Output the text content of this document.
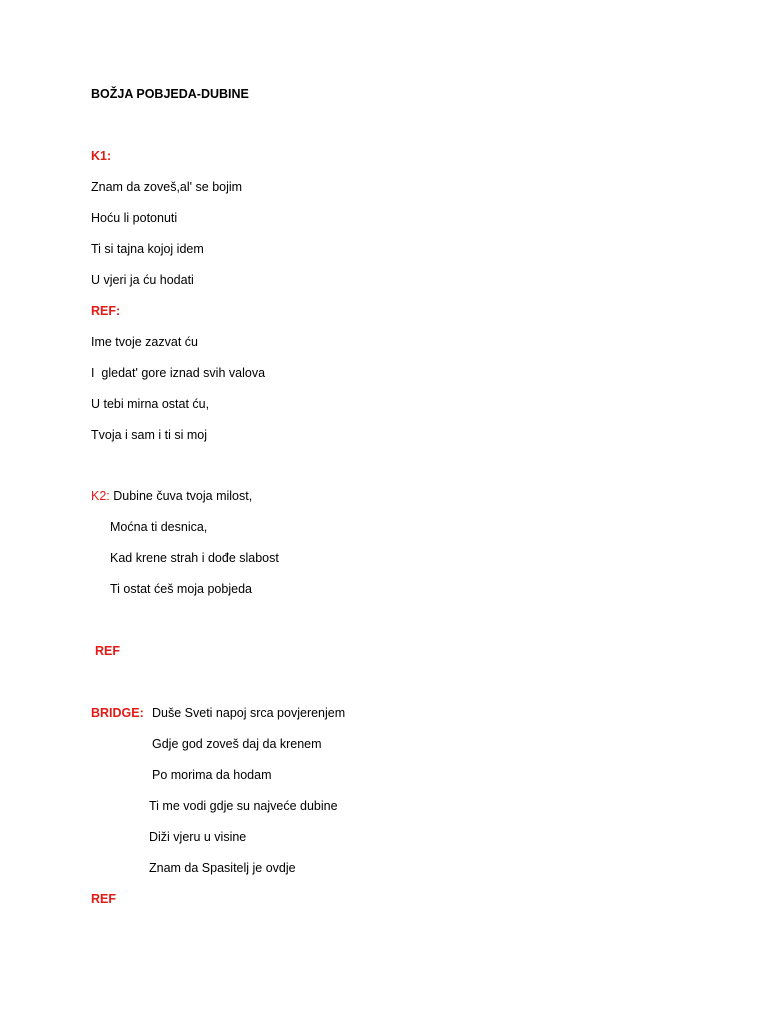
BOŽJA POBJEDA-DUBINE
K1:
Znam da zoveš,al' se bojim
Hoću li potonuti
Ti si tajna kojoj idem
U vjeri ja ću hodati
REF:
Ime tvoje zazvat ću
I  gledat' gore iznad svih valova
U tebi mirna ostat ću,
Tvoja i sam i ti si moj
K2: Dubine čuva tvoja milost,
Moćna ti desnica,
Kad krene strah i dođe slabost
Ti ostat ćeš moja pobjeda
REF
BRIDGE: Duše Sveti napoj srca povjerenjem
Gdje god zoveš daj da krenem
Po morima da hodam
Ti me vodi gdje su najveće dubine
Diži vjeru u visine
Znam da Spasitelj je ovdje
REF
